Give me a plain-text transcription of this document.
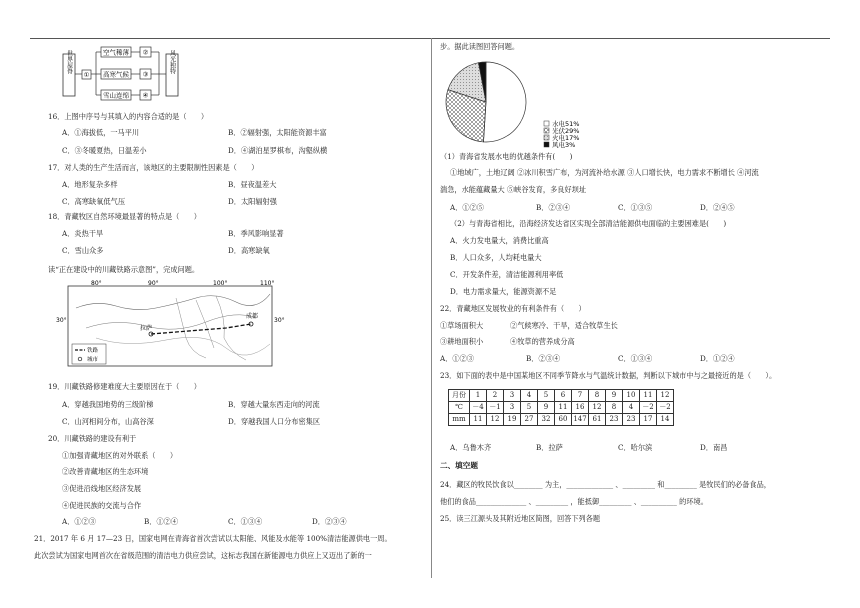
世界屋脊
①
空气稀薄
高寒气候
雪山连绵
②
③
④
风光独特
16．上图中序号与其填入的内容合适的是（　　）
A．①海拔低，一马平川	B．②辐射强，太阳能资源丰富
C．③冬暖夏热，日温差小	D．④湖泊星罗棋布，沟壑纵横
17．对人类的生产生活而言，该地区的主要限制性因素是（　　）
A．地形复杂多样	B．昼夜温差大
C．高寒缺氧低气压	D．太阳辐射强
18．青藏牧区自然环境最显著的特点是（　　）
A．炎热干旱	B．季风影响显著
C．雪山众多	D．高寒缺氧
读“正在建设中的川藏铁路示意图”，完成问题。
80°	90°	100°	110°
30°	30°
拉萨
成都
铁路
城市
19．川藏铁路修建难度大主要原因在于（　　）
A．穿越我国地势的三级阶梯	B．穿越大量东西走向的河流
C．山河相间分布，山高谷深	D．穿越我国人口分布密集区
20．川藏铁路的建设有利于
①加强青藏地区的对外联系（　　）
②改善青藏地区的生态环境
③促进沿线地区经济发展
④促进民族的交流与合作
A．①②③	B．①②④	C．①③④	D．②③④
21．2017 年 6 月 17—23 日，国家电网在青海省首次尝试以太阳能、风能及水能等 100%清洁能源供电一周。
此次尝试为国家电网首次在省级范围的清洁电力供应尝试，这标志我国在新能源电力供应上又迈出了新的一
步。据此读图回答问题。
水电51%
光伏29%
火电17%
风电3%
（1）青海省发展水电的优越条件有(　　)
①地域广，土地辽阔 ②冰川积雪广布，为河流补给水源 ③人口增长快，电力需求不断增长 ④河流
湍急，水能蕴藏量大 ⑤峡谷发育，多良好坝址
A．①②⑤	B．②③④	C．①③⑤	D．②④⑤
（2）与青海省相比，沿海经济发达省区实现全部清洁能源供电面临的主要困难是(　　)
A．火力发电量大，消费比重高
B．人口众多，人均耗电量大
C．开发条件差，清洁能源利用率低
D．电力需求量大，能源资源不足
22．青藏地区发展牧业的有利条件有（　　）
①草场面积大	②气候寒冷、干旱，适合牧草生长
③耕地面积小	④牧草的营养成分高
A．①②③	B．②③④	C．①③④	D．①②④
23．如下面的表中是中国某地区不同季节降水与气温统计数据，判断以下城市中与之最接近的是（　　）。
月份	1	2	3	4	5	6	7	8	9	10	11	12
℃	－4	－1	3	5	9	11	16	12	8	4	－2	－2
mm	11	12	19	27	32	60	147	61	23	23	17	14
A．乌鲁木齐	B．拉萨	C．哈尔滨	D．南昌
二、填空题
24．藏区的牧民饮食以________ 为主，_____________ 、_________ 和_________ 是牧民们的必备食品，
他们的食品______________ 、_________ ，能抵御_________ 、__________ 的环境。
25．读三江源头及其附近地区简图，回答下列各题
